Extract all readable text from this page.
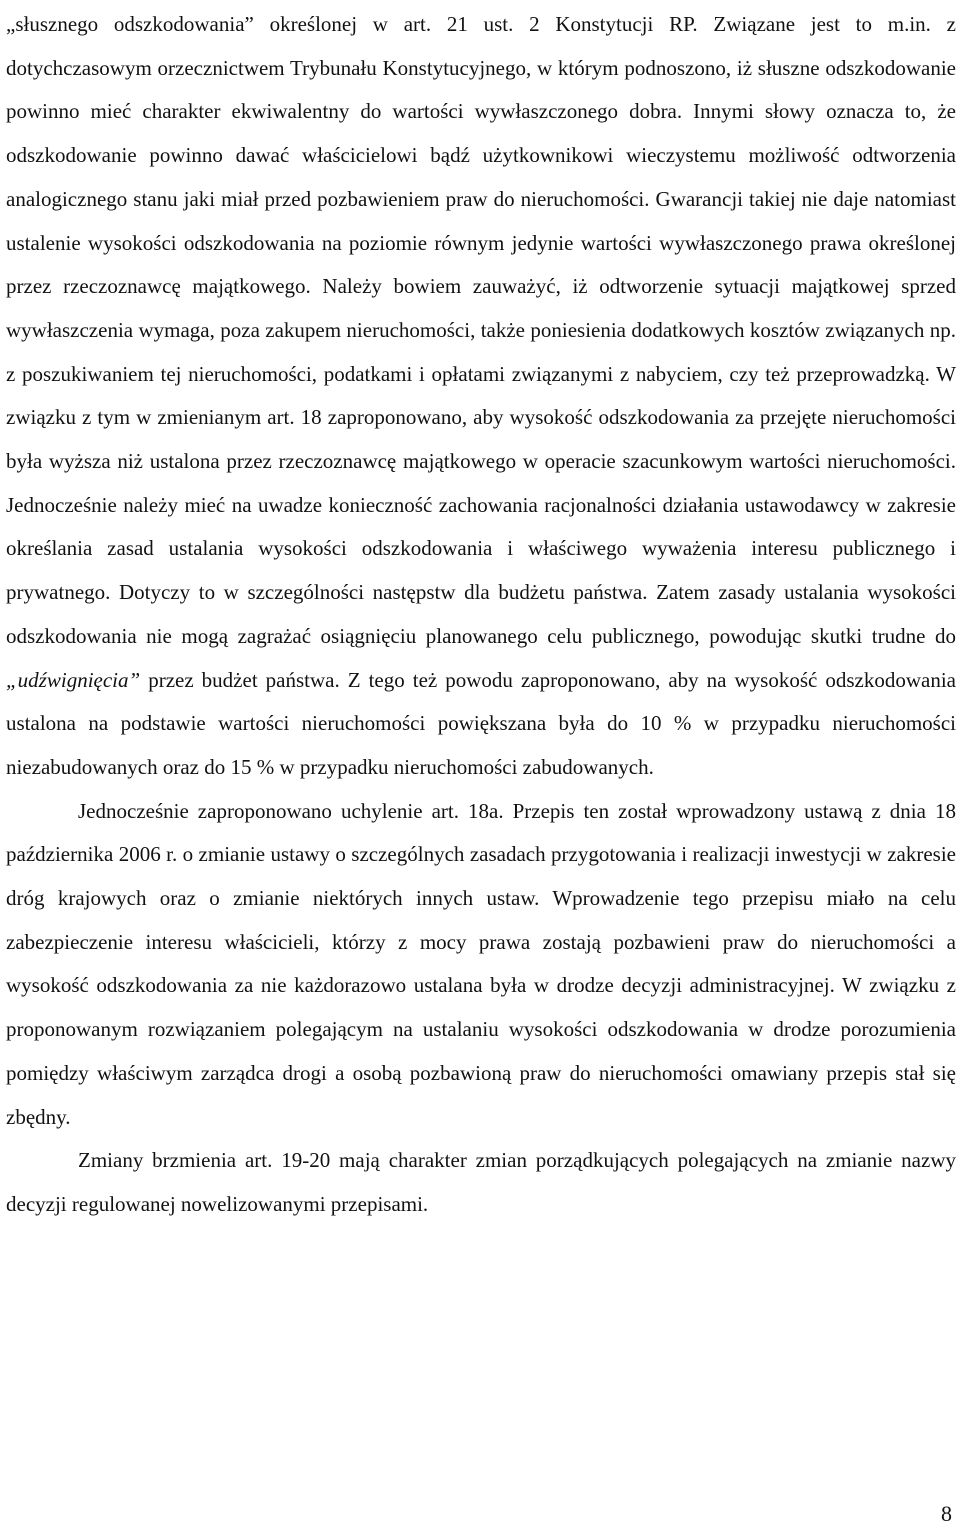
„słusznego odszkodowania” określonej w art. 21 ust. 2 Konstytucji RP. Związane jest to m.in. z dotychczasowym orzecznictwem Trybunału Konstytucyjnego, w którym podnoszono, iż słuszne odszkodowanie powinno mieć charakter ekwiwalentny do wartości wywłaszczonego dobra. Innymi słowy oznacza to, że odszkodowanie powinno dawać właścicielowi bądź użytkownikowi wieczystemu możliwość odtworzenia analogicznego stanu jaki miał przed pozbawieniem praw do nieruchomości. Gwarancji takiej nie daje natomiast ustalenie wysokości odszkodowania na poziomie równym jedynie wartości wywłaszczonego prawa określonej przez rzeczoznawcę majątkowego. Należy bowiem zauważyć, iż odtworzenie sytuacji majątkowej sprzed wywłaszczenia wymaga, poza zakupem nieruchomości, także poniesienia dodatkowych kosztów związanych np. z poszukiwaniem tej nieruchomości, podatkami i opłatami związanymi z nabyciem, czy też przeprowadzką. W związku z tym w zmienianym art. 18 zaproponowano, aby wysokość odszkodowania za przejęte nieruchomości była wyższa niż ustalona przez rzeczoznawcę majątkowego w operacie szacunkowym wartości nieruchomości. Jednocześnie należy mieć na uwadze konieczność zachowania racjonalności działania ustawodawcy w zakresie określania zasad ustalania wysokości odszkodowania i właściwego wyważenia interesu publicznego i prywatnego. Dotyczy to w szczególności następstw dla budżetu państwa. Zatem zasady ustalania wysokości odszkodowania nie mogą zagrażać osiągnięciu planowanego celu publicznego, powodując skutki trudne do „udźwignięcia” przez budżet państwa. Z tego też powodu zaproponowano, aby na wysokość odszkodowania ustalona na podstawie wartości nieruchomości powiększana była do 10 % w przypadku nieruchomości niezabudowanych oraz do 15 % w przypadku nieruchomości zabudowanych.

Jednocześnie zaproponowano uchylenie art. 18a. Przepis ten został wprowadzony ustawą z dnia 18 października 2006 r. o zmianie ustawy o szczególnych zasadach przygotowania i realizacji inwestycji w zakresie dróg krajowych oraz o zmianie niektórych innych ustaw. Wprowadzenie tego przepisu miało na celu zabezpieczenie interesu właścicieli, którzy z mocy prawa zostają pozbawieni praw do nieruchomości a wysokość odszkodowania za nie każdorazowo ustalana była w drodze decyzji administracyjnej. W związku z proponowanym rozwiązaniem polegającym na ustalaniu wysokości odszkodowania w drodze porozumienia pomiędzy właściwym zarządca drogi a osobą pozbawioną praw do nieruchomości omawiany przepis stał się zbędny.

Zmiany brzmienia art. 19-20 mają charakter zmian porządkujących polegających na zmianie nazwy decyzji regulowanej nowelizowanymi przepisami.

8
